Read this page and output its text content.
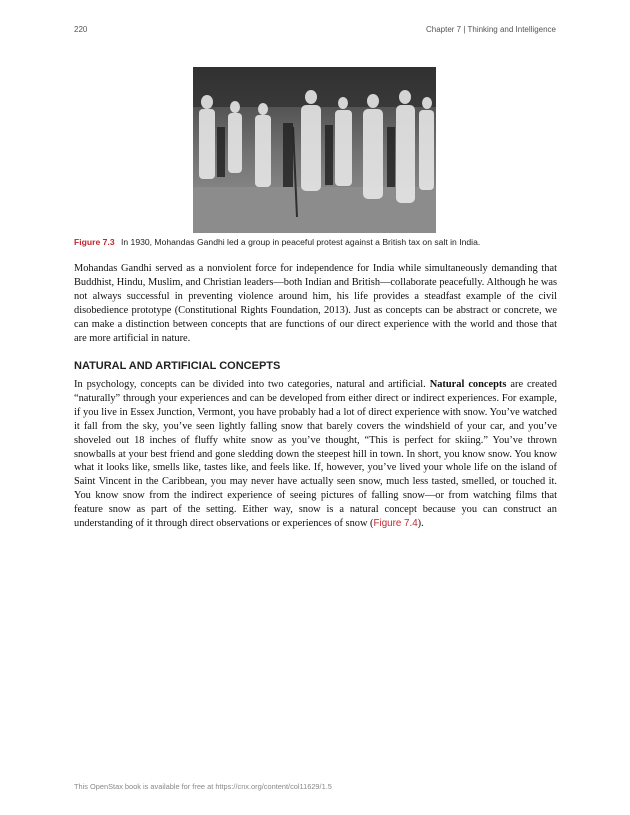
220	Chapter 7 | Thinking and Intelligence
Figure 7.3 In 1930, Mohandas Gandhi led a group in peaceful protest against a British tax on salt in India.

Mohandas Gandhi served as a nonviolent force for independence for India while simultaneously demanding that Buddhist, Hindu, Muslim, and Christian leaders—both Indian and British—collaborate peacefully. Although he was not always successful in preventing violence around him, his life provides a steadfast example of the civil disobedience prototype (Constitutional Rights Foundation, 2013). Just as concepts can be abstract or concrete, we can make a distinction between concepts that are functions of our direct experience with the world and those that are more artificial in nature.

NATURAL AND ARTIFICIAL CONCEPTS

In psychology, concepts can be divided into two categories, natural and artificial. Natural concepts are created “naturally” through your experiences and can be developed from either direct or indirect experiences. For example, if you live in Essex Junction, Vermont, you have probably had a lot of direct experience with snow. You’ve watched it fall from the sky, you’ve seen lightly falling snow that barely covers the windshield of your car, and you’ve shoveled out 18 inches of fluffy white snow as you’ve thought, “This is perfect for skiing.” You’ve thrown snowballs at your best friend and gone sledding down the steepest hill in town. In short, you know snow. You know what it looks like, smells like, tastes like, and feels like. If, however, you’ve lived your whole life on the island of Saint Vincent in the Caribbean, you may never have actually seen snow, much less tasted, smelled, or touched it. You know snow from the indirect experience of seeing pictures of falling snow—or from watching films that feature snow as part of the setting. Either way, snow is a natural concept because you can construct an understanding of it through direct observations or experiences of snow (Figure 7.4).

This OpenStax book is available for free at https://cnx.org/content/col11629/1.5
